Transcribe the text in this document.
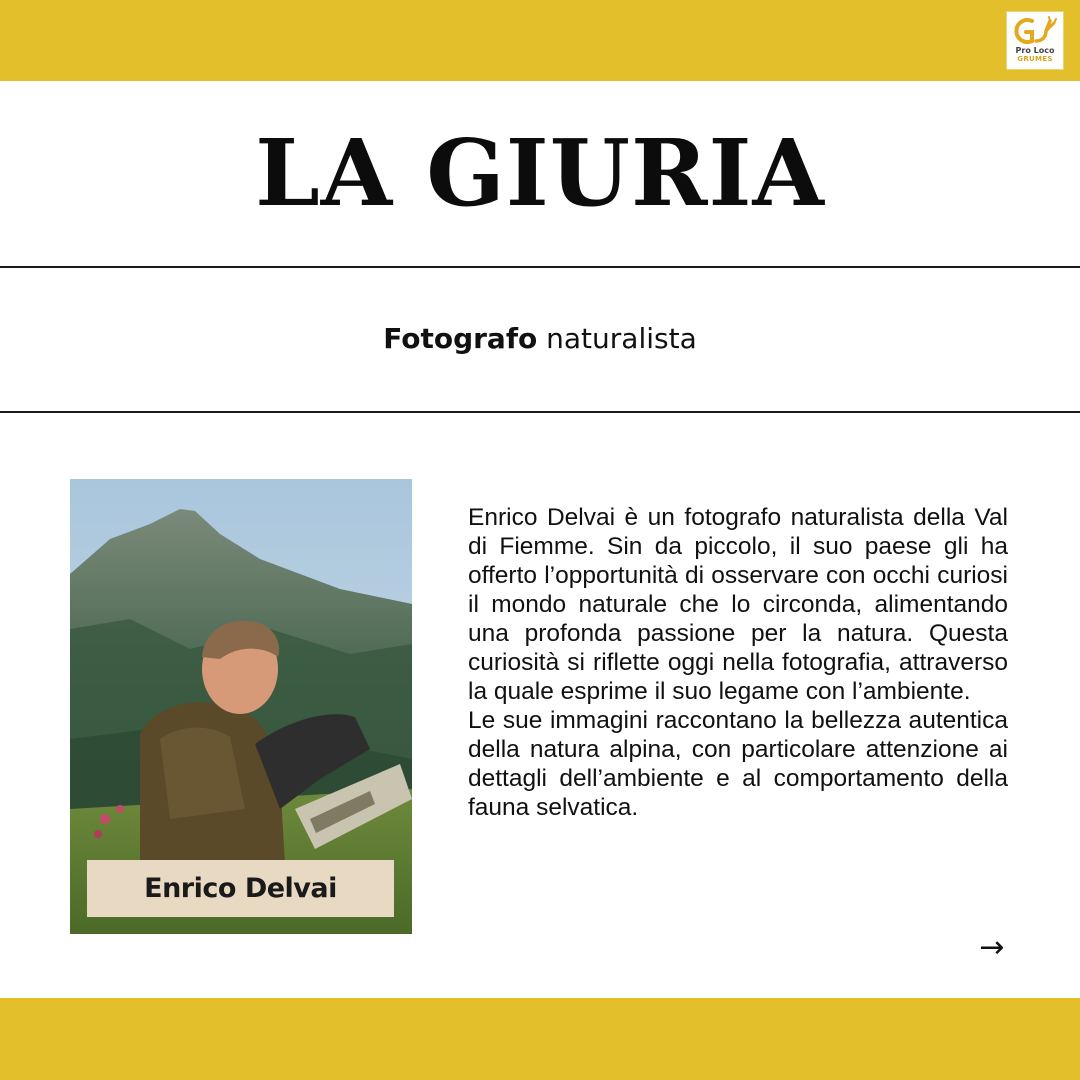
Pro Loco
GRUMES
LA GIURIA
Fotografo naturalista
Enrico Delvai

Enrico Delvai è un fotografo naturalista della Val di Fiemme. Sin da piccolo, il suo paese gli ha offerto l’opportunità di osservare con occhi curiosi il mondo naturale che lo circonda, alimentando una profonda passione per la natura. Questa curiosità si riflette oggi nella fotografia, attraverso la quale esprime il suo legame con l’ambiente.

Le sue immagini raccontano la bellezza autentica della natura alpina, con particolare attenzione ai dettagli dell’ambiente e al comportamento della fauna selvatica.

→
